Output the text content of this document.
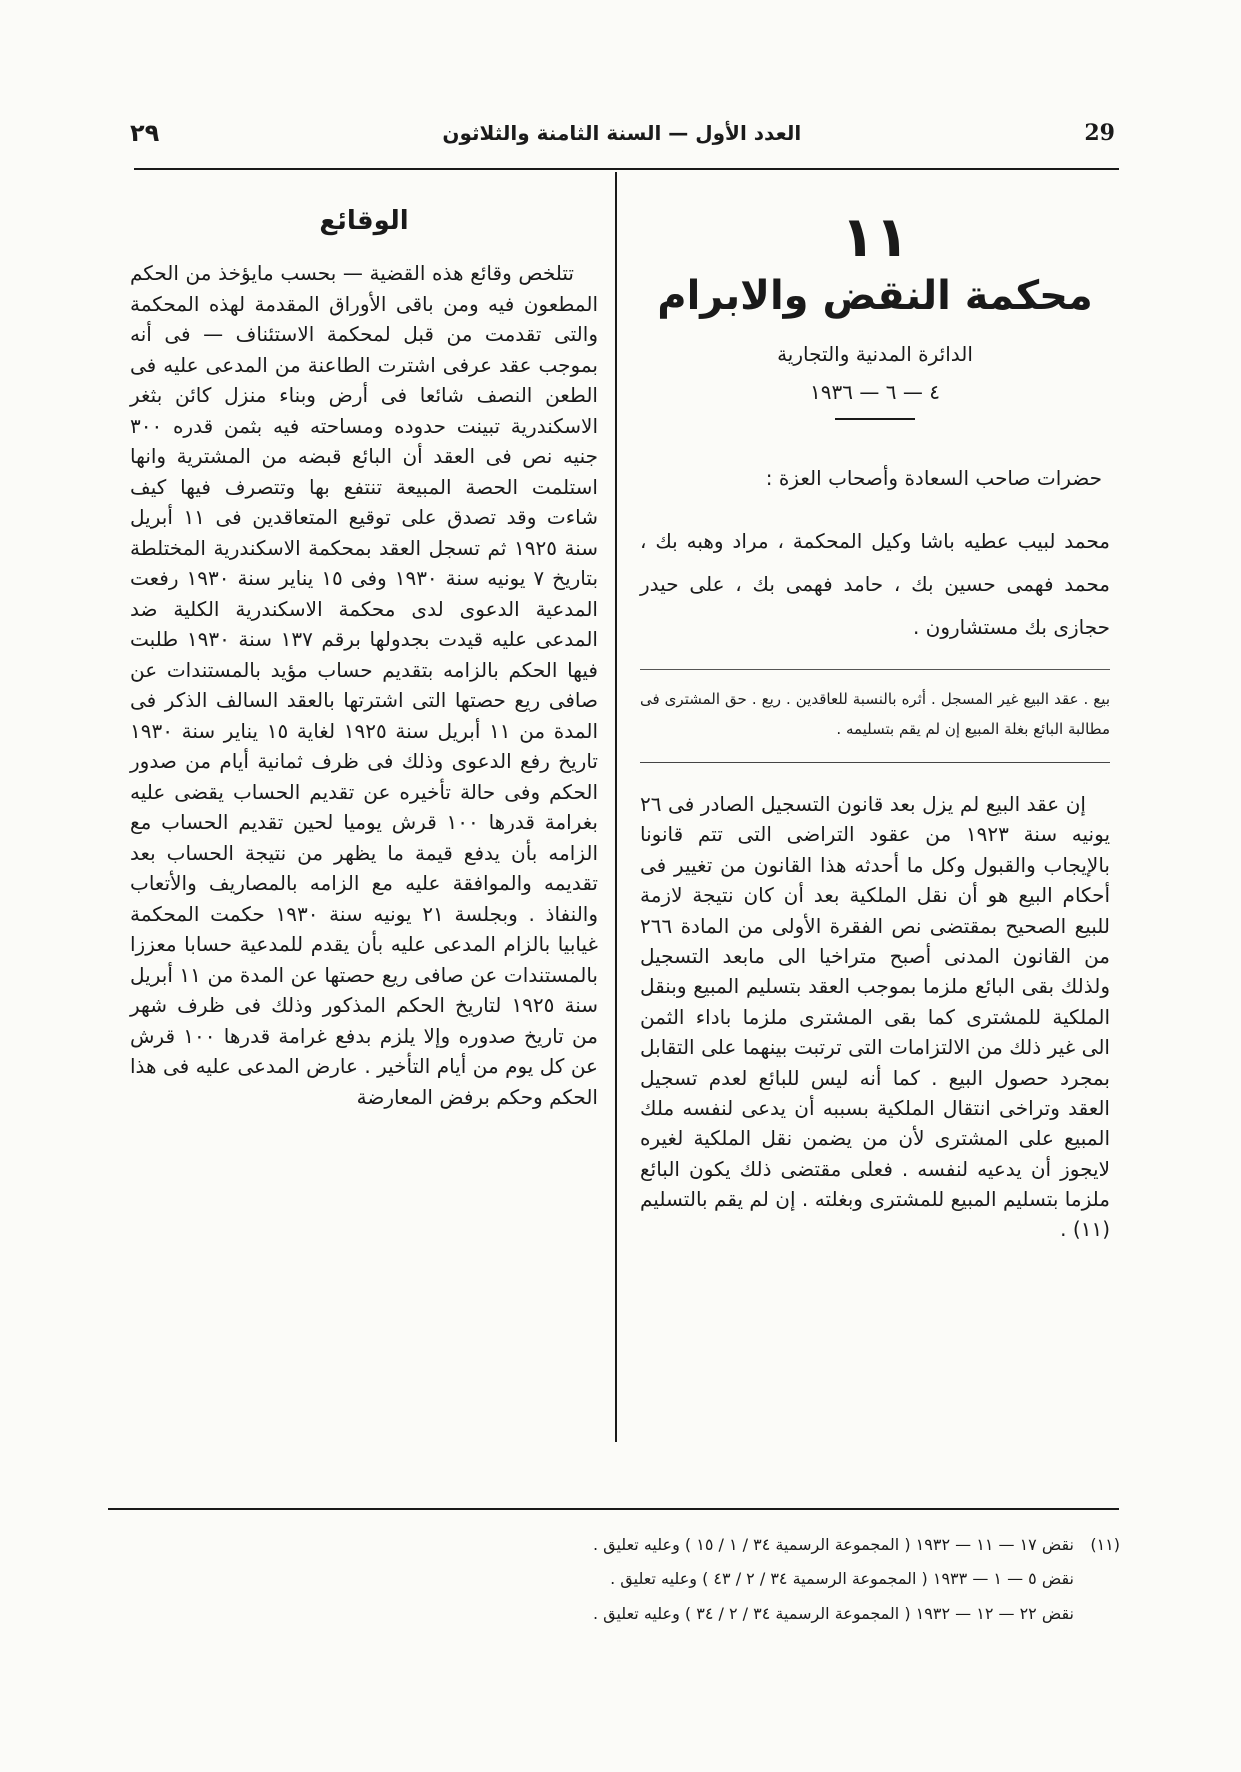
٢٩	العدد الأول — السنة الثامنة والثلاثون	29
١١
محكمة النقض والابرام
الدائرة المدنية والتجارية
٤ — ٦ — ١٩٣٦
حضرات صاحب السعادة وأصحاب العزة :
محمد لبيب عطيه باشا وكيل المحكمة ، مراد وهبه بك ، محمد فهمى حسين بك ، حامد فهمى بك ، على حيدر حجازى بك مستشارون .
بيع . عقد البيع غير المسجل . أثره بالنسبة للعاقدين . ريع . حق المشترى فى مطالبة البائع بغلة المبيع إن لم يقم بتسليمه .
إن عقد البيع لم يزل بعد قانون التسجيل الصادر فى ٢٦ يونيه سنة ١٩٢٣ من عقود التراضى التى تتم قانونا بالإيجاب والقبول وكل ما أحدثه هذا القانون من تغيير فى أحكام البيع هو أن نقل الملكية بعد أن كان نتيجة لازمة للبيع الصحيح بمقتضى نص الفقرة الأولى من المادة ٢٦٦ من القانون المدنى أصبح متراخيا الى مابعد التسجيل ولذلك بقى البائع ملزما بموجب العقد بتسليم المبيع وبنقل الملكية للمشترى كما بقى المشترى ملزما باداء الثمن الى غير ذلك من الالتزامات التى ترتبت بينهما على التقابل بمجرد حصول البيع . كما أنه ليس للبائع لعدم تسجيل العقد وتراخى انتقال الملكية بسببه أن يدعى لنفسه ملك المبيع على المشترى لأن من يضمن نقل الملكية لغيره لايجوز أن يدعيه لنفسه . فعلى مقتضى ذلك يكون البائع ملزما بتسليم المبيع للمشترى وبغلته . إن لم يقم بالتسليم (١١) .
الوقائع
تتلخص وقائع هذه القضية — بحسب مايؤخذ من الحكم المطعون فيه ومن باقى الأوراق المقدمة لهذه المحكمة والتى تقدمت من قبل لمحكمة الاستئناف — فى أنه بموجب عقد عرفى اشترت الطاعنة من المدعى عليه فى الطعن النصف شائعا فى أرض وبناء منزل كائن بثغر الاسكندرية تبينت حدوده ومساحته فيه بثمن قدره ٣٠٠ جنيه نص فى العقد أن البائع قبضه من المشترية وانها استلمت الحصة المبيعة تنتفع بها وتتصرف فيها كيف شاءت وقد تصدق على توقيع المتعاقدين فى ١١ أبريل سنة ١٩٢٥ ثم تسجل العقد بمحكمة الاسكندرية المختلطة بتاريخ ٧ يونيه سنة ١٩٣٠ وفى ١٥ يناير سنة ١٩٣٠ رفعت المدعية الدعوى لدى محكمة الاسكندرية الكلية ضد المدعى عليه قيدت بجدولها برقم ١٣٧ سنة ١٩٣٠ طلبت فيها الحكم بالزامه بتقديم حساب مؤيد بالمستندات عن صافى ريع حصتها التى اشترتها بالعقد السالف الذكر فى المدة من ١١ أبريل سنة ١٩٢٥ لغاية ١٥ يناير سنة ١٩٣٠ تاريخ رفع الدعوى وذلك فى ظرف ثمانية أيام من صدور الحكم وفى حالة تأخيره عن تقديم الحساب يقضى عليه بغرامة قدرها ١٠٠ قرش يوميا لحين تقديم الحساب مع الزامه بأن يدفع قيمة ما يظهر من نتيجة الحساب بعد تقديمه والموافقة عليه مع الزامه بالمصاريف والأتعاب والنفاذ . وبجلسة ٢١ يونيه سنة ١٩٣٠ حكمت المحكمة غيابيا بالزام المدعى عليه بأن يقدم للمدعية حسابا معززا بالمستندات عن صافى ريع حصتها عن المدة من ١١ أبريل سنة ١٩٢٥ لتاريخ الحكم المذكور وذلك فى ظرف شهر من تاريخ صدوره وإلا يلزم بدفع غرامة قدرها ١٠٠ قرش عن كل يوم من أيام التأخير . عارض المدعى عليه فى هذا الحكم وحكم برفض المعارضة
(١١)
نقض ١٧ — ١١ — ١٩٣٢ ( المجموعة الرسمية ٣٤ / ١ / ١٥ ) وعليه تعليق .
نقض ٥ — ١ — ١٩٣٣ ( المجموعة الرسمية ٣٤ / ٢ / ٤٣ ) وعليه تعليق .
نقض ٢٢ — ١٢ — ١٩٣٢ ( المجموعة الرسمية ٣٤ / ٢ / ٣٤ ) وعليه تعليق .
